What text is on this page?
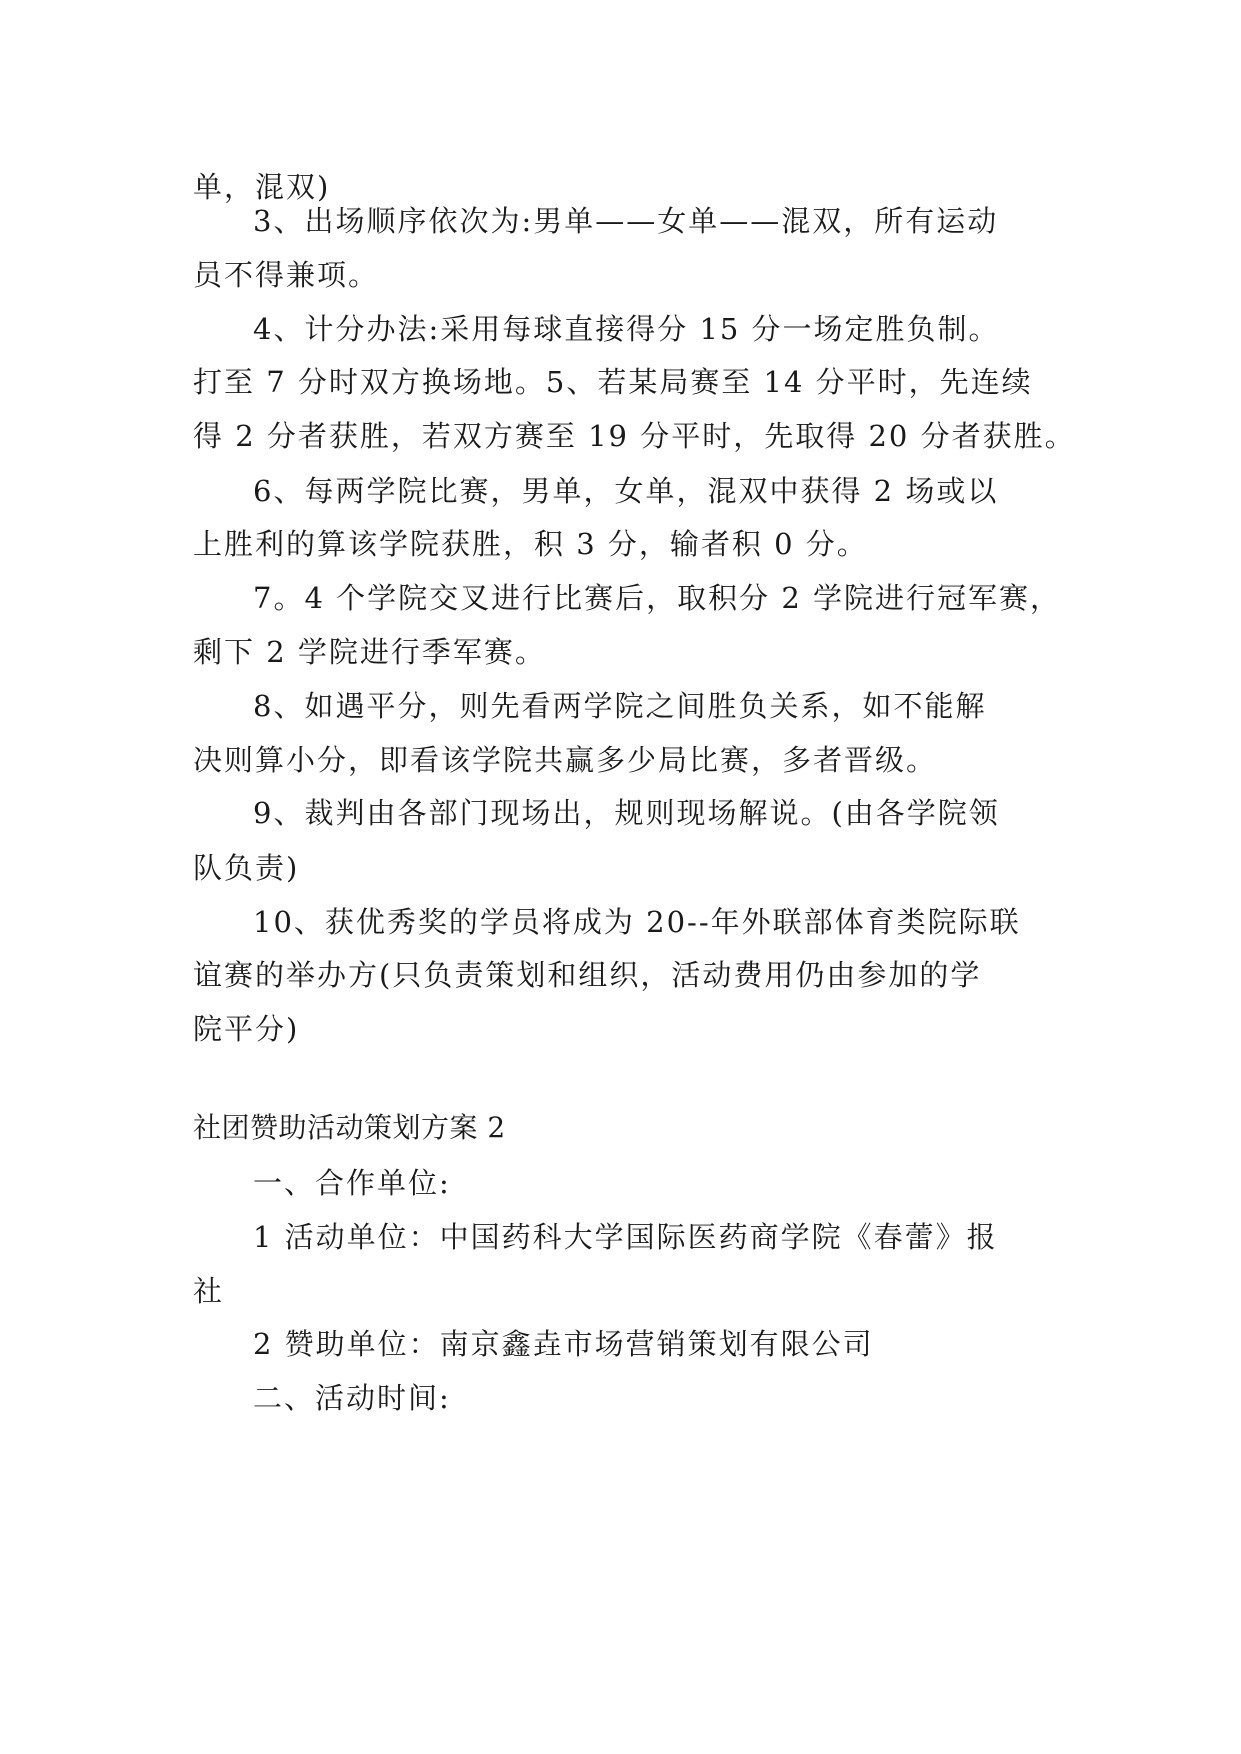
单，混双)
3、出场顺序依次为:男单——女单——混双，所有运动
员不得兼项。
4、计分办法:采用每球直接得分 15 分一场定胜负制。
打至 7 分时双方换场地。5、若某局赛至 14 分平时，先连续
得 2 分者获胜，若双方赛至 19 分平时，先取得 20 分者获胜。
6、每两学院比赛，男单，女单，混双中获得 2 场或以
上胜利的算该学院获胜，积 3 分，输者积 0 分。
7。4 个学院交叉进行比赛后，取积分 2 学院进行冠军赛，
剩下 2 学院进行季军赛。
8、如遇平分，则先看两学院之间胜负关系，如不能解
决则算小分，即看该学院共赢多少局比赛，多者晋级。
9、裁判由各部门现场出，规则现场解说。(由各学院领
队负责)
10、获优秀奖的学员将成为 20--年外联部体育类院际联
谊赛的举办方(只负责策划和组织，活动费用仍由参加的学
院平分)
社团赞助活动策划方案 2
一、合作单位:
1 活动单位：中国药科大学国际医药商学院《春蕾》报
社
2 赞助单位：南京鑫垚市场营销策划有限公司
二、活动时间:
